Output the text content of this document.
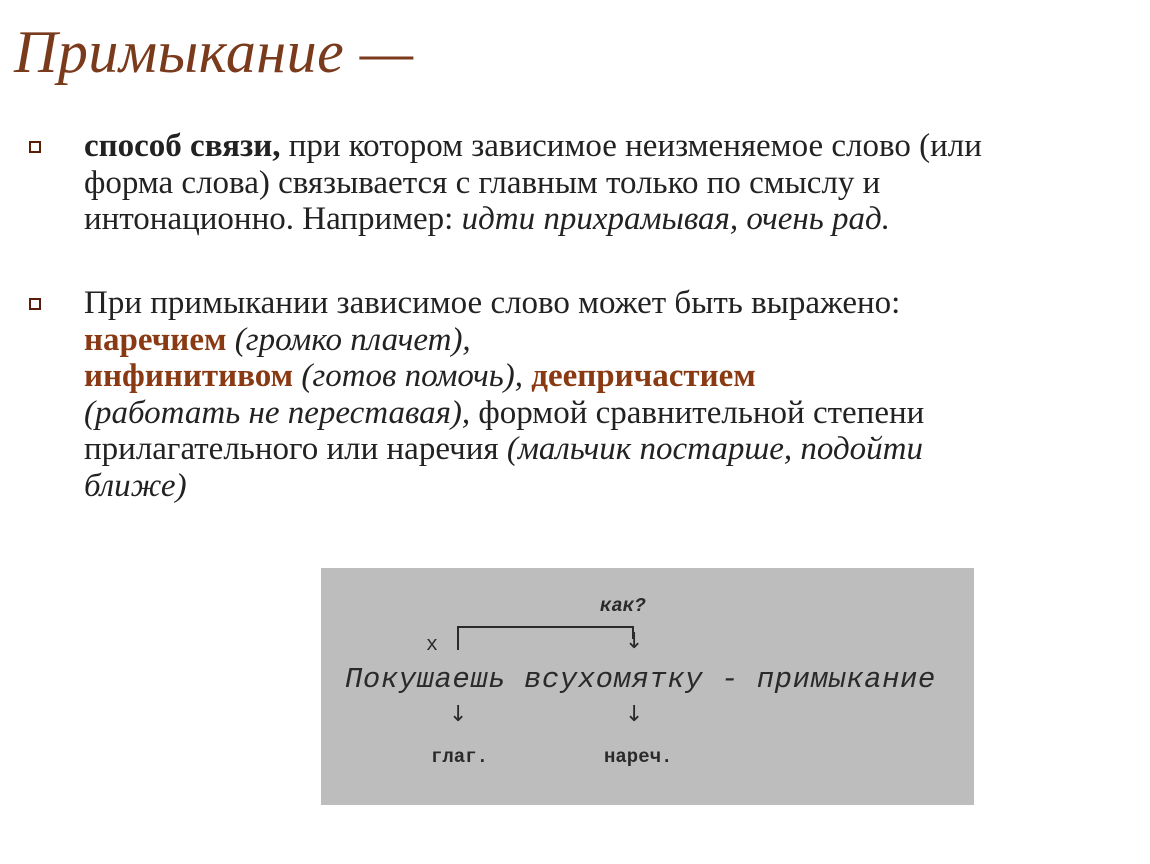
Примыкание —
способ связи, при котором зависимое неизменяемое слово (или форма слова) связывается с главным только по смыслу и интонационно. Например: идти прихрамывая, очень рад.
При примыкании зависимое слово может быть выражено: наречием (громко плачет),
инфинитивом (готов помочь), деепричастием
(работать не переставая), формой сравнительной степени прилагательного или наречия (мальчик постарше, подойти ближе)
как?
х	↓
Покушаешь всухомятку - примыкание
↓	↓
глаг.	нареч.
